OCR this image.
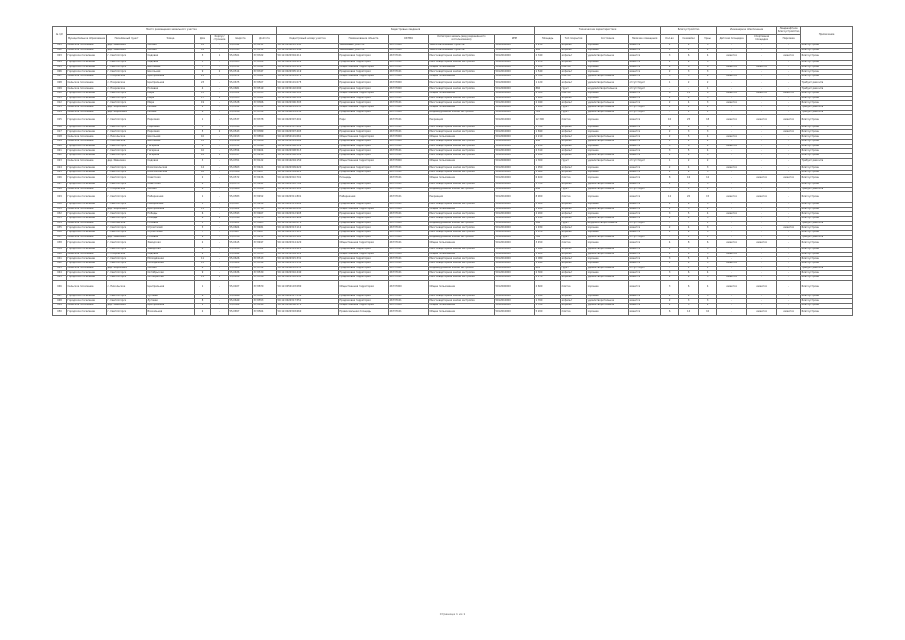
№ п/п	Место размещения земельного участка							Кадастровые сведения					Технические характеристики				Благоустройство			Инженерное обеспечение		Ландшафтное благоустройство	Примечание
	Муниципальное образование	Населённый пункт	Улица	Дом	Корпус/строение	Широта	Долгота	Кадастровый номер участка	Наименование объекта	ОКТМО	Категория земель (вид разрешённого использования)	ИНН	Площадь	Тип покрытия	Состояние	Наличие освещения	Кол-во	Скамейки	Урны	Детская площадка	Спортивная площадка	Парковка	
001	Сельское поселение	дер. Ивановка	Лесная	12	-	55,0342	37,8111	50:12:0010203:145	Земельный участок	46737000	Земли населённых пунктов	5012000000	1 250	асфальт	хорошее	имеется	2	4	3	-	-	-	Благоустроен
002	Сельское поселение	дер. Ивановка	Лесная	14	-	55,0345	37,8114	50:12:0010203:146	Земельный участок	46737000	Земли населённых пунктов	5012000000	980	асфальт	хорошее	имеется	1	2	2	-	-	-	Благоустроен
003	Городское поселение	г. Светлогорск	Садовая	3	1	55,0501	37,8322	50:12:0020304:211	Придомовая территория	46737101	Многоквартирная жилая застройка	5012010000	2 340	асфальт	удовлетворительное	имеется	3	6	4	имеется	-	имеется	Благоустроен
004	Городское поселение	г. Светлогорск	Садовая	5	-	55,0503	37,8329	50:12:0020304:212	Придомовая территория	46737101	Многоквартирная жилая застройка	5012010000	1 870	асфальт	хорошее	имеется	2	4	3	-	-	-	Благоустроен
005	Городское поселение	г. Светлогорск	Школьная	7	-	55,0511	37,8341	50:12:0020305:118	Общественная территория	46737101	Общее пользование	5012010000	3 120	плитка	хорошее	имеется	4	8	6	имеется	имеется	-	Благоустроен
006	Городское поселение	г. Светлогорск	Школьная	9	2	55,0514	37,8347	50:12:0020305:119	Придомовая территория	46737101	Многоквартирная жилая застройка	5012010000	1 540	асфальт	хорошее	имеется	2	3	3	-	-	-	Благоустроен
007	Сельское поселение	с. Покровское	Центральная	21	-	55,0672	37,8501	50:12:0030101:074	Общественная территория	46737000	Общее пользование	5012000000	2 760	плитка	удовлетворительное	имеется	3	5	4	имеется	-	-	Благоустроен
008	Сельское поселение	с. Покровское	Центральная	23	-	55,0675	37,8507	50:12:0030101:075	Придомовая территория	46737000	Многоквартирная жилая застройка	5012000000	1 120	асфальт	удовлетворительное	отсутствует	1	2	2	-	-	-	Требует ремонта
009	Сельское поселение	с. Покровское	Полевая	4	-	55,0681	37,8519	50:12:0030102:090	Придомовая территория	46737000	Многоквартирная жилая застройка	5012000000	860	грунт	неудовлетворительное	отсутствует	-	-	1	-	-	-	Требует ремонта
010	Городское поселение	г. Светлогорск	Мира	15	-	55,0522	37,8355	50:12:0020306:301	Общественная территория	46737101	Общее пользование	5012010000	4 500	плитка	хорошее	имеется	6	12	8	имеется	имеется	имеется	Благоустроен
011	Городское поселение	г. Светлогорск	Мира	17	1	55,0525	37,8361	50:12:0020306:302	Придомовая территория	46737101	Многоквартирная жилая застройка	5012010000	1 980	асфальт	хорошее	имеется	2	4	3	-	-	-	Благоустроен
012	Городское поселение	г. Светлогорск	Мира	19	-	55,0528	37,8366	50:12:0020306:303	Придомовая территория	46737101	Многоквартирная жилая застройка	5012010000	2 040	асфальт	удовлетворительное	имеется	2	4	3	имеется	-	-	Благоустроен
013	Сельское поселение	дер. Берёзовка	Речная	2	-	55,0812	37,8701	50:12:0040201:033	Общественная территория	46737000	Общее пользование	5012000000	1 650	грунт	удовлетворительное	отсутствует	1	2	2	-	-	-	Требует ремонта
014	Сельское поселение	дер. Берёзовка	Речная	6	-	55,0816	37,8709	50:12:0040201:034	Придомовая территория	46737000	Индивидуальная жилая застройка	5012000000	720	грунт	удовлетворительное	отсутствует	-	1	1	-	-	-	Требует ремонта
015	Городское поселение	г. Светлогорск	Парковая	1	-	55,0537	37,8378	50:12:0020307:401	Парк	46737101	Рекреация	5012010000	12 300	плитка	хорошее	имеется	10	25	18	имеется	имеется	имеется	Благоустроен
016	Городское поселение	г. Светлогорск	Парковая	3	-	55,0540	37,8383	50:12:0020307:402	Придомовая территория	46737101	Многоквартирная жилая застройка	5012010000	1 760	асфальт	хорошее	имеется	2	4	3	-	-	-	Благоустроен
017	Городское поселение	г. Светлогорск	Парковая	5	2	55,0543	37,8389	50:12:0020307:403	Придомовая территория	46737101	Многоквартирная жилая застройка	5012010000	1 690	асфальт	хорошее	имеется	2	3	3	-	-	имеется	Благоустроен
018	Сельское поселение	с. Никольское	Школьная	10	-	55,0913	37,8850	50:12:0050101:061	Общественная территория	46737000	Общее пользование	5012000000	2 210	асфальт	удовлетворительное	имеется	2	5	4	имеется	-	-	Благоустроен
019	Сельское поселение	с. Никольское	Школьная	12	-	55,0916	37,8856	50:12:0050101:062	Придомовая территория	46737000	Многоквартирная жилая застройка	5012000000	940	асфальт	удовлетворительное	имеется	1	2	2	-	-	-	Благоустроен
020	Городское поселение	г. Светлогорск	Гагарина	8	-	55,0551	37,8398	50:12:0020308:512	Придомовая территория	46737101	Многоквартирная жилая застройка	5012010000	2 450	асфальт	хорошее	имеется	3	6	4	имеется	-	-	Благоустроен
021	Городское поселение	г. Светлогорск	Гагарина	10	-	55,0554	37,8404	50:12:0020308:513	Придомовая территория	46737101	Многоквартирная жилая застройка	5012010000	2 310	асфальт	хорошее	имеется	3	5	4	-	-	-	Благоустроен
022	Городское поселение	г. Светлогорск	Гагарина	12	1	55,0557	37,8410	50:12:0020308:514	Придомовая территория	46737101	Многоквартирная жилая застройка	5012010000	2 180	асфальт	удовлетворительное	имеется	2	4	3	-	-	-	Благоустроен
023	Сельское поселение	дер. Ивановка	Садовая	3	-	55,0351	37,8122	50:12:0010204:150	Общественная территория	46737000	Общее пользование	5012000000	1 300	грунт	удовлетворительное	отсутствует	1	2	2	-	-	-	Требует ремонта
024	Городское поселение	г. Светлогорск	Комсомольская	14	-	55,0563	37,8421	50:12:0020309:620	Придомовая территория	46737101	Многоквартирная жилая застройка	5012010000	1 950	асфальт	хорошее	имеется	2	4	3	имеется	-	-	Благоустроен
025	Городское поселение	г. Светлогорск	Комсомольская	16	-	55,0566	37,8427	50:12:0020309:621	Придомовая территория	46737101	Многоквартирная жилая застройка	5012010000	1 880	асфальт	хорошее	имеется	2	4	3	-	-	-	Благоустроен
026	Городское поселение	г. Светлогорск	Советская	2	-	55,0572	37,8436	50:12:0020310:701	Площадь	46737101	Общее пользование	5012010000	6 400	плитка	хорошее	имеется	8	16	12	-	имеется	имеется	Благоустроен
027	Городское поселение	г. Светлогорск	Советская	4	-	55,0575	37,8441	50:12:0020310:702	Придомовая территория	46737101	Многоквартирная жилая застройка	5012010000	1 720	асфальт	удовлетворительное	имеется	2	3	3	-	-	-	Благоустроен
028	Сельское поселение	с. Покровское	Лесная	8	-	55,0688	37,8526	50:12:0030103:101	Придомовая территория	46737000	Индивидуальная жилая застройка	5012000000	640	грунт	удовлетворительное	отсутствует	-	1	1	-	-	-	Требует ремонта
029	Городское поселение	г. Светлогорск	Набережная	1	-	55,0583	37,8452	50:12:0020311:801	Набережная	46737101	Рекреация	5012010000	8 900	плитка	хорошее	имеется	12	20	15	имеется	имеется	-	Благоустроен
030	Городское поселение	г. Светлогорск	Набережная	5	-	55,0587	37,8459	50:12:0020311:802	Придомовая территория	46737101	Многоквартирная жилая застройка	5012010000	2 020	асфальт	хорошее	имеется	2	4	3	-	-	-	Благоустроен
031	Сельское поселение	дер. Берёзовка	Центральная	11	-	55,0822	37,8716	50:12:0040202:045	Общественная территория	46737000	Общее пользование	5012000000	1 480	асфальт	удовлетворительное	имеется	2	3	2	-	-	-	Благоустроен
032	Городское поселение	г. Светлогорск	Победы	6	-	55,0593	37,8467	50:12:0020312:905	Придомовая территория	46737101	Многоквартирная жилая застройка	5012010000	2 260	асфальт	хорошее	имеется	3	5	4	имеется	-	-	Благоустроен
033	Городское поселение	г. Светлогорск	Победы	8	1	55,0596	37,8473	50:12:0020312:906	Придомовая территория	46737101	Многоквартирная жилая застройка	5012010000	2 140	асфальт	удовлетворительное	имеется	2	4	3	-	-	-	Благоустроен
034	Сельское поселение	с. Никольское	Полевая	5	-	55,0921	37,8863	50:12:0050102:070	Придомовая территория	46737000	Индивидуальная жилая застройка	5012000000	580	грунт	неудовлетворительное	отсутствует	-	-	1	-	-	-	Требует ремонта
035	Городское поселение	г. Светлогорск	Строителей	3	-	55,0604	37,8481	50:12:0020313:112	Придомовая территория	46737101	Многоквартирная жилая застройка	5012010000	1 930	асфальт	хорошее	имеется	2	4	3	-	-	имеется	Благоустроен
036	Городское поселение	г. Светлогорск	Строителей	7	-	55,0607	37,8487	50:12:0020313:113	Придомовая территория	46737101	Многоквартирная жилая застройка	5012010000	1 870	асфальт	хорошее	имеется	2	4	3	-	-	-	Благоустроен
037	Сельское поселение	дер. Ивановка	Полевая	9	-	55,0358	37,8131	50:12:0010205:161	Придомовая территория	46737000	Индивидуальная жилая застройка	5012000000	700	грунт	удовлетворительное	отсутствует	-	1	1	-	-	-	Требует ремонта
038	Городское поселение	г. Светлогорск	Заводская	2	-	55,0615	37,8497	50:12:0020314:220	Общественная территория	46737101	Общее пользование	5012010000	3 450	плитка	хорошее	имеется	4	8	6	имеется	имеется	-	Благоустроен
039	Городское поселение	г. Светлогорск	Заводская	4	-	55,0618	37,8502	50:12:0020314:221	Придомовая территория	46737101	Многоквартирная жилая застройка	5012010000	1 640	асфальт	удовлетворительное	имеется	2	3	3	-	-	-	Благоустроен
040	Сельское поселение	с. Покровское	Садовая	2	-	55,0694	37,8533	50:12:0030104:112	Общественная территория	46737000	Общее пользование	5012000000	1 900	асфальт	удовлетворительное	имеется	2	4	3	имеется	-	-	Благоустроен
041	Городское поселение	г. Светлогорск	Молодёжная	11	-	55,0626	37,8513	50:12:0020315:331	Придомовая территория	46737101	Многоквартирная жилая застройка	5012010000	2 080	асфальт	хорошее	имеется	3	5	4	-	-	-	Благоустроен
042	Городское поселение	г. Светлогорск	Молодёжная	13	-	55,0629	37,8519	50:12:0020315:332	Придомовая территория	46737101	Многоквартирная жилая застройка	5012010000	1 990	асфальт	хорошее	имеется	2	4	3	имеется	-	-	Благоустроен
043	Сельское поселение	дер. Берёзовка	Лесная	4	-	55,0828	37,8724	50:12:0040203:051	Придомовая территория	46737000	Индивидуальная жилая застройка	5012000000	610	грунт	удовлетворительное	отсутствует	-	1	1	-	-	-	Требует ремонта
044	Городское поселение	г. Светлогорск	Октябрьская	9	-	55,0636	37,8530	50:12:0020316:440	Придомовая территория	46737101	Многоквартирная жилая застройка	5012010000	2 300	асфальт	хорошее	имеется	3	6	4	-	-	-	Благоустроен
045	Городское поселение	г. Светлогорск	Октябрьская	11	1	55,0639	37,8536	50:12:0020316:441	Придомовая территория	46737101	Многоквартирная жилая застройка	5012010000	2 170	асфальт	удовлетворительное	имеется	2	4	3	имеется	-	-	Благоустроен
046	Сельское поселение	с. Никольское	Центральная	1	-	55,0927	37,8870	50:12:0050103:080	Общественная территория	46737000	Общее пользование	5012000000	2 600	плитка	хорошее	имеется	3	6	4	имеется	имеется	-	Благоустроен
047	Городское поселение	г. Светлогорск	Луговая	6	-	55,0646	37,8547	50:12:0020317:550	Придомовая территория	46737101	Многоквартирная жилая застройка	5012010000	1 810	асфальт	хорошее	имеется	2	4	3	-	-	-	Благоустроен
048	Городское поселение	г. Светлогорск	Луговая	8	-	55,0649	37,8553	50:12:0020317:551	Придомовая территория	46737101	Многоквартирная жилая застройка	5012010000	1 760	асфальт	удовлетворительное	имеется	2	3	3	-	-	-	Благоустроен
049	Сельское поселение	дер. Ивановка	Центральная	1	-	55,0364	37,8140	50:12:0010206:170	Общественная территория	46737000	Общее пользование	5012000000	1 700	асфальт	удовлетворительное	имеется	2	3	2	-	-	-	Благоустроен
050	Городское поселение	г. Светлогорск	Вокзальная	2	-	55,0657	37,8564	50:12:0020318:660	Привокзальная площадь	46737101	Общее пользование	5012010000	5 200	плитка	хорошее	имеется	6	14	10	-	имеется	имеется	Благоустроен
Страница 1 из 1
